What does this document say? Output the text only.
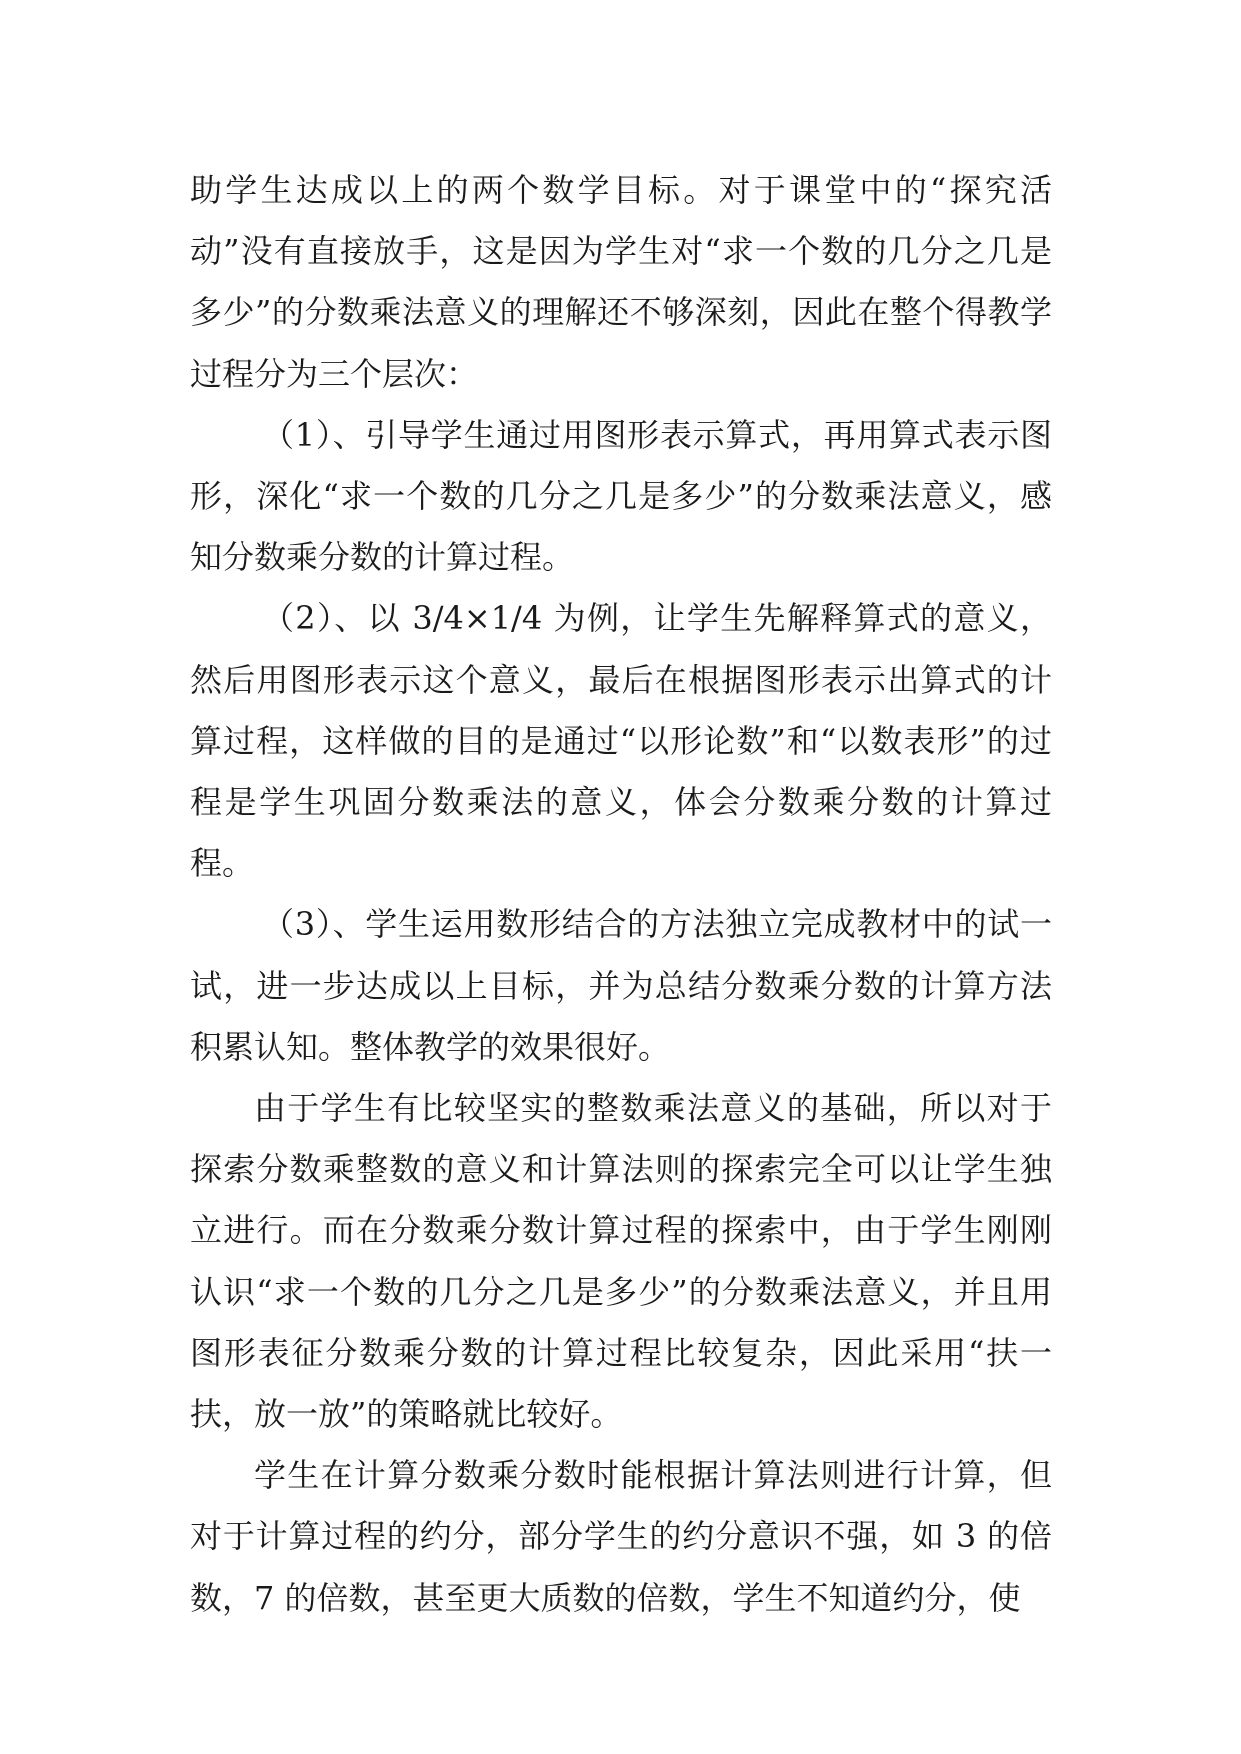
助学生达成以上的两个数学目标。对于课堂中的“探究活动”没有直接放手，这是因为学生对“求一个数的几分之几是多少”的分数乘法意义的理解还不够深刻，因此在整个得教学过程分为三个层次：

（1）、引导学生通过用图形表示算式，再用算式表示图形，深化“求一个数的几分之几是多少”的分数乘法意义，感知分数乘分数的计算过程。

（2）、以 3/4×1/4 为例，让学生先解释算式的意义，然后用图形表示这个意义，最后在根据图形表示出算式的计算过程，这样做的目的是通过“以形论数”和“以数表形”的过程是学生巩固分数乘法的意义，体会分数乘分数的计算过程。

（3）、学生运用数形结合的方法独立完成教材中的试一试，进一步达成以上目标，并为总结分数乘分数的计算方法积累认知。整体教学的效果很好。

由于学生有比较坚实的整数乘法意义的基础，所以对于探索分数乘整数的意义和计算法则的探索完全可以让学生独立进行。而在分数乘分数计算过程的探索中，由于学生刚刚认识“求一个数的几分之几是多少”的分数乘法意义，并且用图形表征分数乘分数的计算过程比较复杂，因此采用“扶一扶，放一放”的策略就比较好。

学生在计算分数乘分数时能根据计算法则进行计算，但对于计算过程的约分，部分学生的约分意识不强，如 3 的倍数，7 的倍数，甚至更大质数的倍数，学生不知道约分，使
